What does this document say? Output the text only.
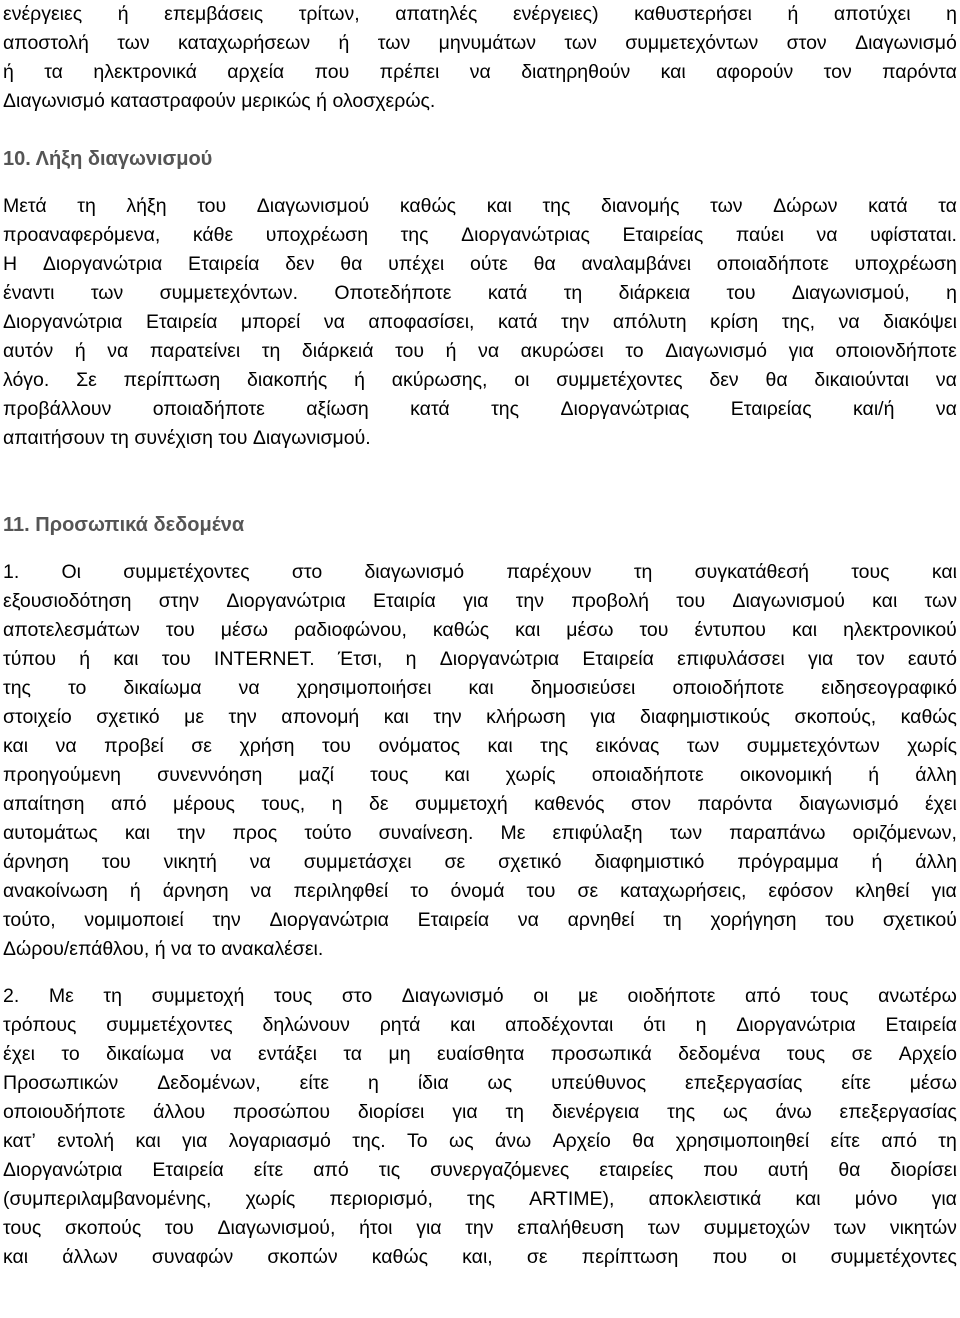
ενέργειες ή επεμβάσεις τρίτων, απατηλές ενέργειες) καθυστερήσει ή αποτύχει η
αποστολή των καταχωρήσεων ή των μηνυμάτων των συμμετεχόντων στον Διαγωνισμό
ή τα ηλεκτρονικά αρχεία που πρέπει να διατηρηθούν και αφορούν τον παρόντα
Διαγωνισμό καταστραφούν μερικώς ή ολοσχερώς.
10. Λήξη διαγωνισμού
Μετά τη λήξη του Διαγωνισμού καθώς και της διανομής των Δώρων κατά τα
προαναφερόμενα, κάθε υποχρέωση της Διοργανώτριας Εταιρείας παύει να υφίσταται.
Η Διοργανώτρια Εταιρεία δεν θα υπέχει ούτε θα αναλαμβάνει οποιαδήποτε υποχρέωση
έναντι των συμμετεχόντων. Οποτεδήποτε κατά τη διάρκεια του Διαγωνισμού, η
Διοργανώτρια Εταιρεία μπορεί να αποφασίσει, κατά την απόλυτη κρίση της, να διακόψει
αυτόν ή να παρατείνει τη διάρκειά του ή να ακυρώσει το Διαγωνισμό για οποιονδήποτε
λόγο. Σε περίπτωση διακοπής ή ακύρωσης, οι συμμετέχοντες δεν θα δικαιούνται να
προβάλλουν οποιαδήποτε αξίωση κατά της Διοργανώτριας Εταιρείας και/ή να
απαιτήσουν τη συνέχιση του Διαγωνισμού.
11. Προσωπικά δεδομένα
1. Οι συμμετέχοντες στο διαγωνισμό παρέχουν τη συγκατάθεσή τους και
εξουσιοδότηση στην Διοργανώτρια Εταιρία για την προβολή του Διαγωνισμού και των
αποτελεσμάτων του μέσω ραδιοφώνου, καθώς και μέσω του έντυπου και ηλεκτρονικού
τύπου ή και του INTERNET. Έτσι, η Διοργανώτρια Εταιρεία επιφυλάσσει για τον εαυτό
της το δικαίωμα να χρησιμοποιήσει και δημοσιεύσει οποιοδήποτε ειδησεογραφικό
στοιχείο σχετικό με την απονομή και την κλήρωση για διαφημιστικούς σκοπούς, καθώς
και να προβεί σε χρήση του ονόματος και της εικόνας των συμμετεχόντων χωρίς
προηγούμενη συνεννόηση μαζί τους και χωρίς οποιαδήποτε οικονομική ή άλλη
απαίτηση από μέρους τους, η δε συμμετοχή καθενός στον παρόντα διαγωνισμό έχει
αυτομάτως και την προς τούτο συναίνεση. Με επιφύλαξη των παραπάνω οριζόμενων,
άρνηση του νικητή να συμμετάσχει σε σχετικό διαφημιστικό πρόγραμμα ή άλλη
ανακοίνωση ή άρνηση να περιληφθεί το όνομά του σε καταχωρήσεις, εφόσον κληθεί για
τούτο, νομιμοποιεί την Διοργανώτρια Εταιρεία να αρνηθεί τη χορήγηση του σχετικού
Δώρου/επάθλου, ή να το ανακαλέσει.
2. Με τη συμμετοχή τους στο Διαγωνισμό οι με οιοδήποτε από τους ανωτέρω
τρόπους συμμετέχοντες δηλώνουν ρητά και αποδέχονται ότι η Διοργανώτρια Εταιρεία
έχει το δικαίωμα να εντάξει τα μη ευαίσθητα προσωπικά δεδομένα τους σε Αρχείο
Προσωπικών Δεδομένων, είτε η ίδια ως υπεύθυνος επεξεργασίας είτε μέσω
οποιουδήποτε άλλου προσώπου διορίσει για τη διενέργεια της ως άνω επεξεργασίας
κατ’ εντολή και για λογαριασμό της. Το ως άνω Αρχείο θα χρησιμοποιηθεί είτε από τη
Διοργανώτρια Εταιρεία είτε από τις συνεργαζόμενες εταιρείες που αυτή θα διορίσει
(συμπεριλαμβανομένης, χωρίς περιορισμό, της ARTIME), αποκλειστικά και μόνο για
τους σκοπούς του Διαγωνισμού, ήτοι για την επαλήθευση των συμμετοχών των νικητών
και άλλων συναφών σκοπών καθώς και, σε περίπτωση που οι συμμετέχοντες
